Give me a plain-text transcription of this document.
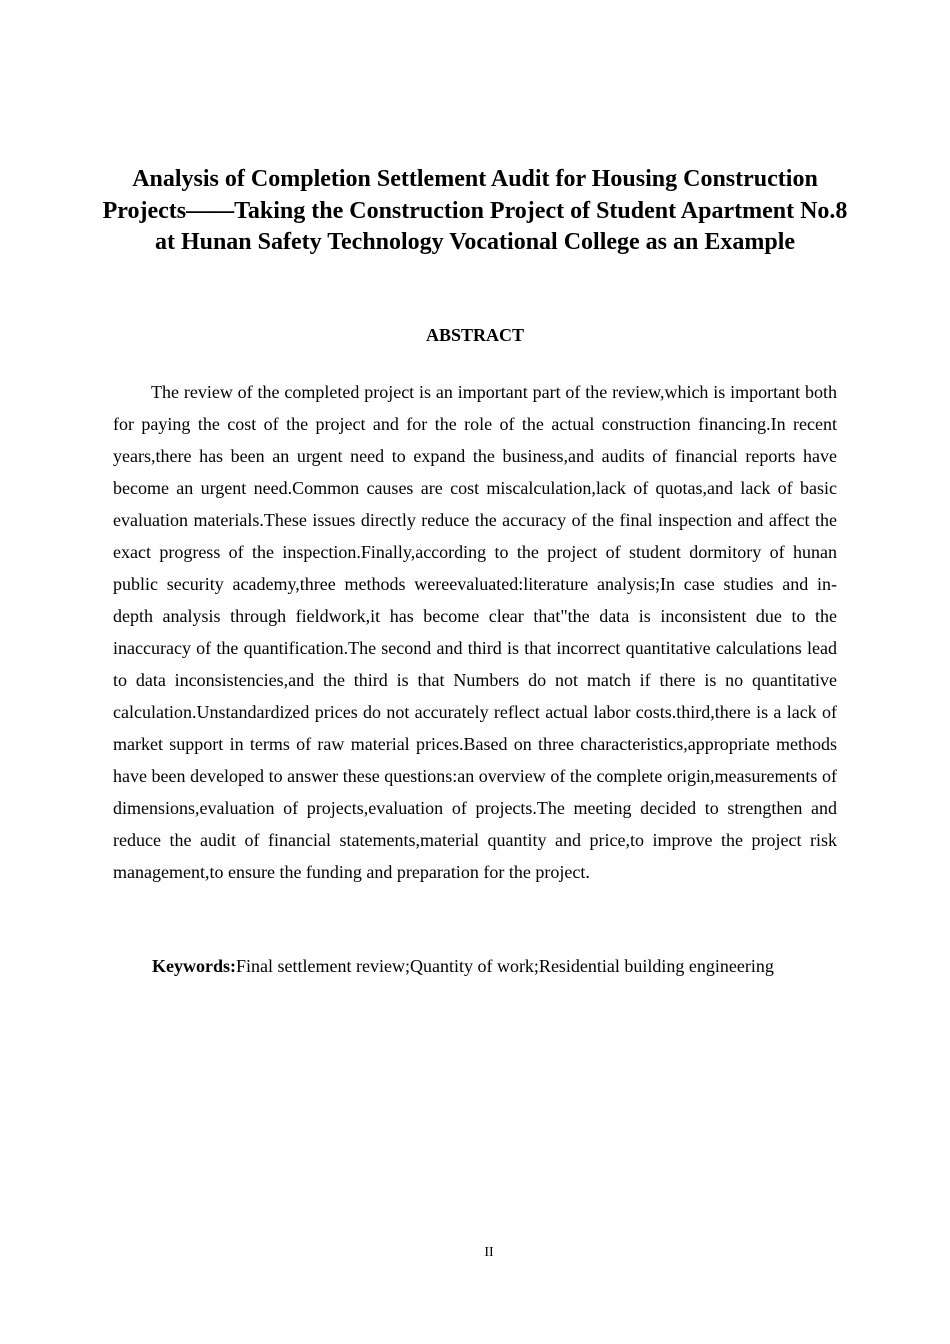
Analysis of Completion Settlement Audit for Housing Construction Projects——Taking the Construction Project of Student Apartment No.8 at Hunan Safety Technology Vocational College as an Example
ABSTRACT
The review of the completed project is an important part of the review,which is important both for paying the cost of the project and for the role of the actual construction financing.In recent years,there has been an urgent need to expand the business,and audits of financial reports have become an urgent need.Common causes are cost miscalculation,lack of quotas,and lack of basic evaluation materials.These issues directly reduce the accuracy of the final inspection and affect the exact progress of the inspection.Finally,according to the project of student dormitory of hunan public security academy,three methods wereevaluated:literature analysis;In case studies and in-depth analysis through fieldwork,it has become clear that"the data is inconsistent due to the inaccuracy of the quantification.The second and third is that incorrect quantitative calculations lead to data inconsistencies,and the third is that Numbers do not match if there is no quantitative calculation.Unstandardized prices do not accurately reflect actual labor costs.third,there is a lack of market support in terms of raw material prices.Based on three characteristics,appropriate methods have been developed to answer these questions:an overview of the complete origin,measurements of dimensions,evaluation of projects,evaluation of projects.The meeting decided to strengthen and reduce the audit of financial statements,material quantity and price,to improve the project risk management,to ensure the funding and preparation for the project.
Keywords:Final settlement review;Quantity of work;Residential building engineering
II
